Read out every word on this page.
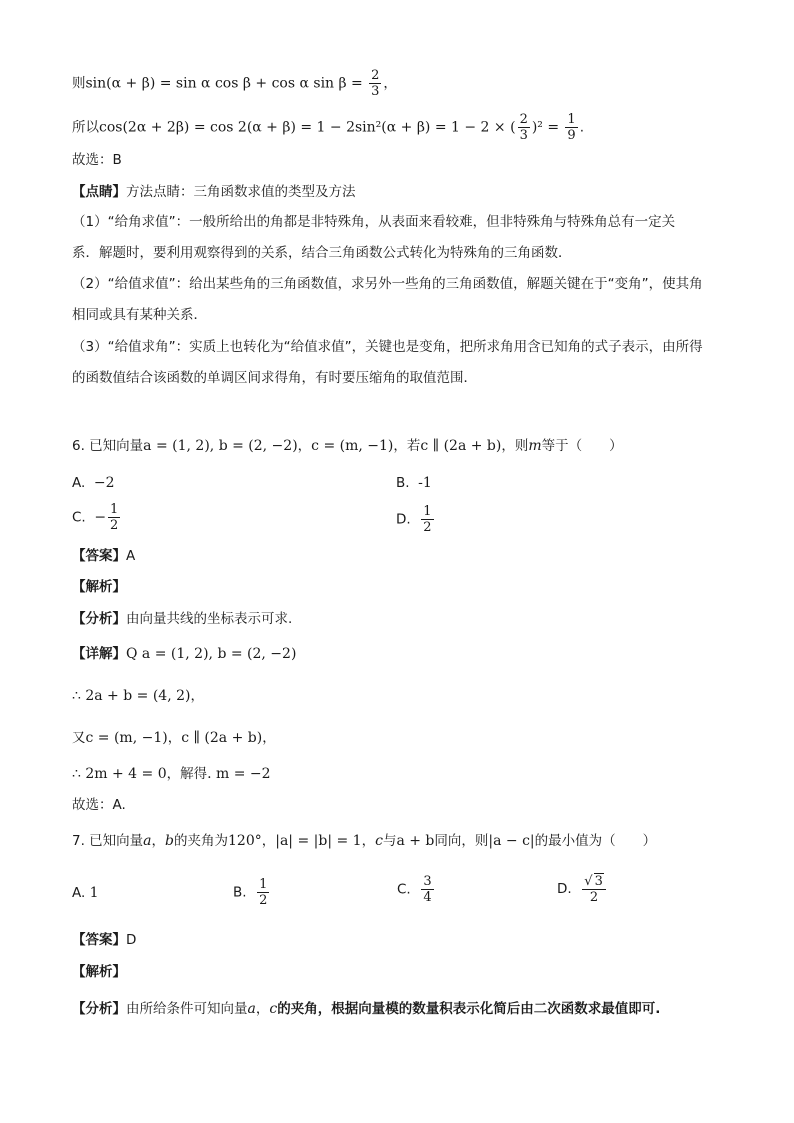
则sin(α + β) = sin α cos β + cos α $\sin \beta = \frac{2}{3}$ ，
所以cos(2α + 2β) = cos 2(α + β) = 1 − 2sin²(α + β) = 1 − 2 × ( $\frac{2}{3} )^2 = \frac{1}{9}$ .
故选：B
【点睛】方法点睛：三角函数求值的类型及方法
（1）“给角求值”：一般所给出的角都是非特殊角，从表面来看较难，但非特殊角与特殊角总有一定关
系．解题时，要利用观察得到的关系，结合三角函数公式转化为特殊角的三角函数．
（2）“给值求值”：给出某些角的三角函数值，求另外一些角的三角函数值，解题关键在于“变角”，使其角
相同或具有某种关系．
（3）“给值求角”：实质上也转化为“给值求值”，关键也是变角，把所求角用含已知角的式子表示，由所得
的函数值结合该函数的单调区间求得角，有时要压缩角的取值范围．
6. 已知向量a = (1, 2), b = (2, −2)，c = (m, −1)，若c ∥ (2a + b)，则m等于（　　）
A. −2	B. -1
C. − $\frac{1}{2}$	D. $\frac{1}{2}$
【答案】A
【解析】
【分析】由向量共线的坐标表示可求.
【详解】Q a = (1, 2), b = (2, −2)
∴ 2a + b = (4, 2)，
又c = (m, −1)，c ∥ (2a + b)，
∴ 2m + 4 = 0，解得. m = −2
故选：A.
7. 已知向量a，b的夹角为120°，|a| = |b| = 1，c与a + b同向，则|a − c|的最小值为（　　）
A. 1	B. $\frac{1}{2}$	C. $\frac{3}{4}$	D. $\frac{√ 3}{2}$
【答案】D
【解析】
【分析】由所给条件可知向量a，c的夹角，根据向量模的数量积表示化简后由二次函数求最值即可.
